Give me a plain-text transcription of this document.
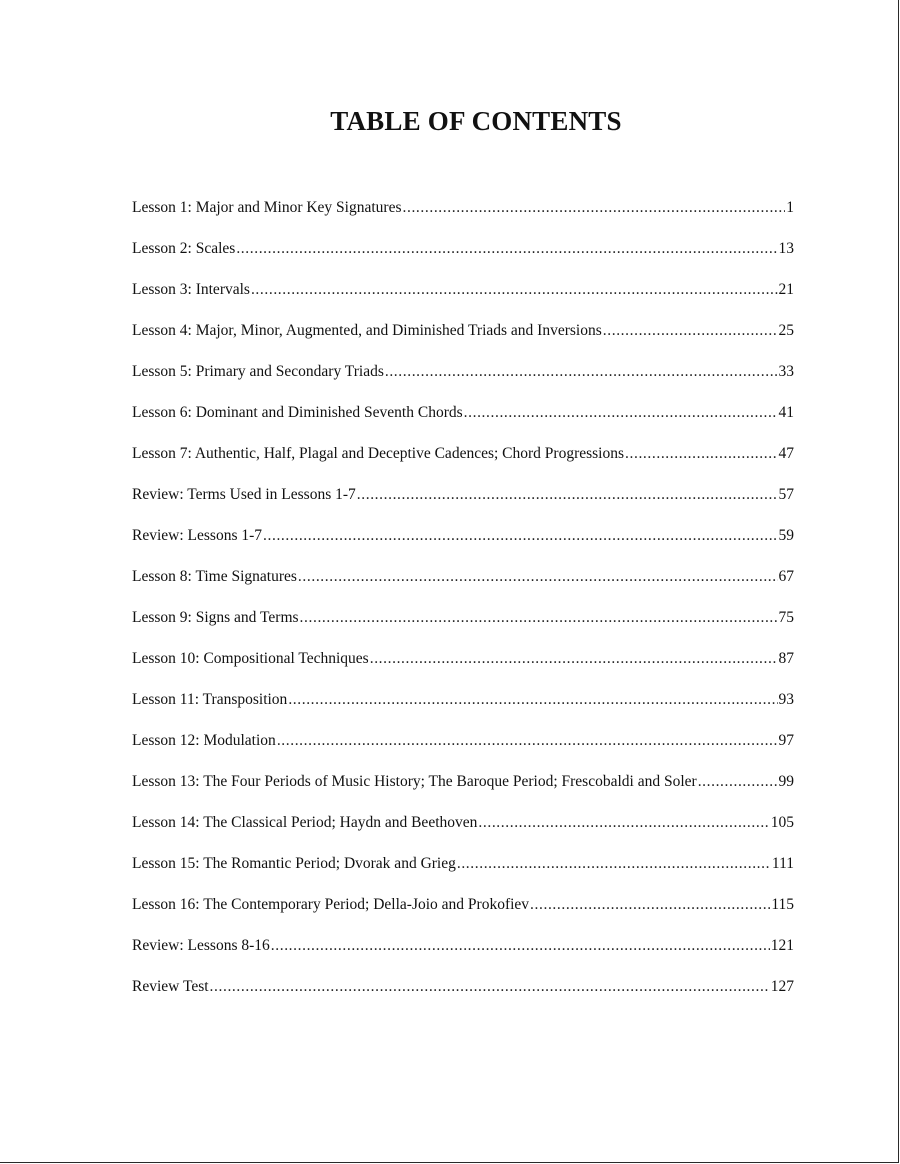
TABLE OF CONTENTS
Lesson 1: Major and Minor Key Signatures .....	1
Lesson 2: Scales .....	13
Lesson 3: Intervals .....	21
Lesson 4: Major, Minor, Augmented, and Diminished Triads and Inversions .....	25
Lesson 5: Primary and Secondary Triads .....	33
Lesson 6: Dominant and Diminished Seventh Chords .....	41
Lesson 7: Authentic, Half, Plagal and Deceptive Cadences; Chord Progressions .....	47
Review: Terms Used in Lessons 1-7 .....	57
Review: Lessons 1-7 .....	59
Lesson 8: Time Signatures .....	67
Lesson 9: Signs and Terms .....	75
Lesson 10: Compositional Techniques .....	87
Lesson 11: Transposition .....	93
Lesson 12: Modulation .....	97
Lesson 13: The Four Periods of Music History; The Baroque Period; Frescobaldi and Soler .....	99
Lesson 14: The Classical Period; Haydn and Beethoven .....	105
Lesson 15: The Romantic Period; Dvorak and Grieg .....	111
Lesson 16: The Contemporary Period; Della-Joio and Prokofiev .....	115
Review: Lessons 8-16 .....	121
Review Test .....	127
